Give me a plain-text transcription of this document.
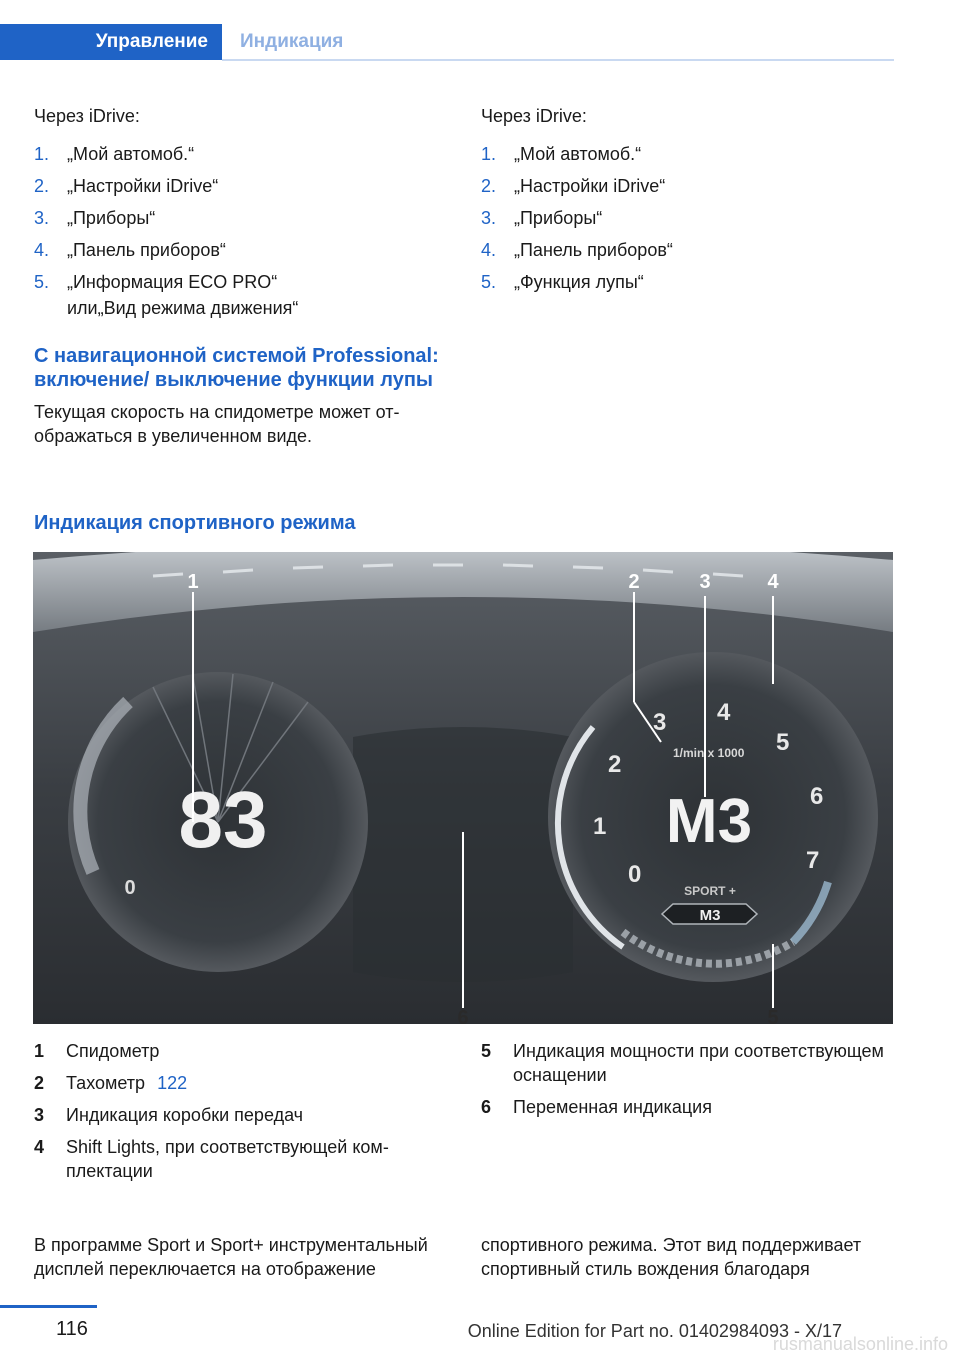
Управление	Индикация

Через iDrive:

1. „Мой автомоб.“
2. „Настройки iDrive“
3. „Приборы“
4. „Панель приборов“
5. „Информация ECO PRO“
или„Вид режима движения“
С навигационной системой Professional: включение/ выключение функции лупы

Текущая скорость на спидометре может отображаться в увеличенном виде.

Через iDrive:

1. „Мой автомоб.“
2. „Настройки iDrive“
3. „Приборы“
4. „Панель приборов“
5. „Функция лупы“
Индикация спортивного режима
83
0	0
1
2
3 4
5
6
7
1/min x 1000
M3
SPORT +
M3
1	2	3	4
5
6
1 Спидометр
2 Тахометр 122
3 Индикация коробки передач
4 Shift Lights, при соответствующей комплектации
5 Индикация мощности при соответствующем оснащении
6 Переменная индикация
В программе Sport и Sport+ инструментальный дисплей переключается на отображение
спортивного режима. Этот вид поддерживает спортивный стиль вождения благодаря
116	Online Edition for Part no. 01402984093 - X/17
rusmanualsonline.info
